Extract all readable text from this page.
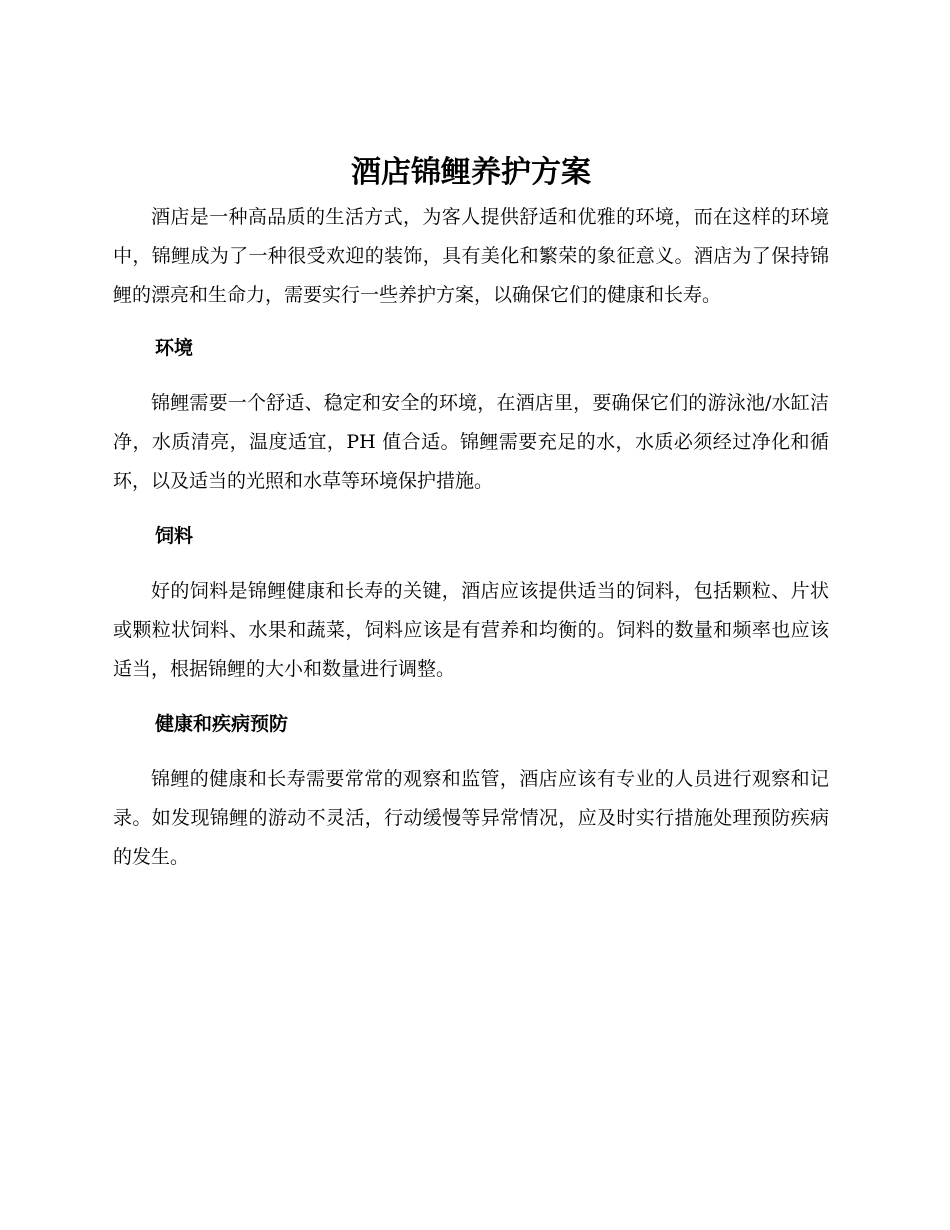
酒店锦鲤养护方案

酒店是一种高品质的生活方式，为客人提供舒适和优雅的环境，而在这样的环境中，锦鲤成为了一种很受欢迎的装饰，具有美化和繁荣的象征意义。酒店为了保持锦鲤的漂亮和生命力，需要实行一些养护方案，以确保它们的健康和长寿。

环境

锦鲤需要一个舒适、稳定和安全的环境，在酒店里，要确保它们的游泳池/水缸洁净，水质清亮，温度适宜，PH 值合适。锦鲤需要充足的水，水质必须经过净化和循环，以及适当的光照和水草等环境保护措施。

饲料

好的饲料是锦鲤健康和长寿的关键，酒店应该提供适当的饲料，包括颗粒、片状或颗粒状饲料、水果和蔬菜，饲料应该是有营养和均衡的。饲料的数量和频率也应该适当，根据锦鲤的大小和数量进行调整。

健康和疾病预防

锦鲤的健康和长寿需要常常的观察和监管，酒店应该有专业的人员进行观察和记录。如发现锦鲤的游动不灵活，行动缓慢等异常情况，应及时实行措施处理预防疾病的发生。
